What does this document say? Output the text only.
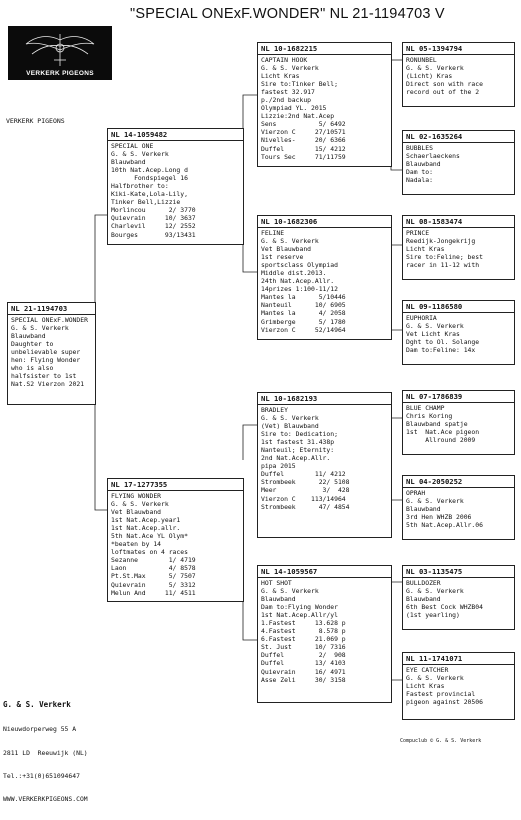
"SPECIAL ONExF.WONDER" NL 21-1194703 V
VERKERK PIGEONS
VERKERK PIGEONS
NL 21-1194703
SPECIAL ONExF.WONDER
G. & S. Verkerk
Blauwband
Daughter to
unbelievable super
hen: Flying Wonder
who is also
halfsister to 1st
Nat.S2 Vierzon 2021
NL 14-1059482
SPECIAL ONE
G. & S. Verkerk
Blauwband
10th Nat.Acep.Long d
Fondspiegel 16
Halfbrother to:
Kiki-Kate,Lola-Lily,
Tinker Bell,Lizzie
Morlincou      2/ 3770
Quievrain     10/ 3637
Charlevil     12/ 2552
Bourges       93/13431
NL 17-1277355
FLYING WONDER
G. & S. Verkerk
Vet Blauwband
1st Nat.Acep.year1
1st Nat.Acep.allr.
5th Nat.Ace YL Olym*
*beaten by 14
loftmates on 4 races
Sezanne        1/ 4719
Laon           4/ 8578
Pt.St.Max      5/ 7507
Quievrain      5/ 3312
Melun And     11/ 4511
NL 10-1682215
CAPTAIN HOOK
G. & S. Verkerk
Licht Kras
Sire to:Tinker Bell;
fastest 32.917
p./2nd backup
Olympiad YL. 2015
Lizzie:2nd Nat.Acep
Sens           5/ 6492
Vierzon C     27/10571
Nivelles-     20/ 6366
Duffel        15/ 4212
Tours Sec     71/11759
NL 10-1682306
FELINE
G. & S. Verkerk
Vet Blauwband
1st reserve
sportsclass Olympiad
Middle dist.2013.
24th Nat.Acep.Allr.
14prizes 1:100-11/12
Mantes la      5/10446
Nanteuil      10/ 6905
Mantes la      4/ 2058
Grimberge      5/ 1780
Vierzon C     52/14964
NL 10-1682193
BRADLEY
G. & S. Verkerk
(Vet) Blauwband
Sire to: Dedication;
1st fastest 31.438p
Nanteuil; Eternity:
2nd Nat.Acep.Allr.
pipa 2015
Duffel        11/ 4212
Strombeek      22/ 5108
Meer            3/  428
Vierzon C    113/14964
Strombeek      47/ 4854
NL 14-1059567
HOT SHOT
G. & S. Verkerk
Blauwband
Dam to:Flying Wonder
1st Nat.Acep.Allr/yl
1.Fastest     13.628 p
4.Fastest      8.578 p
6.Fastest     21.069 p
St. Just      10/ 7316
Duffel         2/  908
Duffel        13/ 4103
Quievrain     16/ 4971
Asse Zeli     30/ 3158
NL 05-1394794
RONUNBEL
G. & S. Verkerk
(Licht) Kras
Direct son with race
record out of the 2
NL 02-1635264
BUBBLES
Schaerlaeckens
Blauwband
Dam to:
Nadala:
NL 08-1583474
PRINCE
Reedijk-Jongekrijg
Licht Kras
Sire to:Feline; best
racer in 11-12 with
NL 09-1186580
EUPHORIA
G. & S. Verkerk
Vet Licht Kras
Dght to Ol. Solange
Dam to:Feline: 14x
NL 07-1786839
BLUE CHAMP
Chris Koring
Blauwband spatje
1st  Nat.Ace pigeon
Allround 2009
NL 04-2050252
OPRAH
G. & S. Verkerk
Blauwband
3rd Hen WHZB 2006
5th Nat.Acep.Allr.06
NL 03-1135475
BULLDOZER
G. & S. Verkerk
Blauwband
6th Best Cock WHZB04
(1st yearling)
NL 11-1741071
EYE CATCHER
G. & S. Verkerk
Licht Kras
Fastest provincial
pigeon against 20506

G. & S. Verkerk

Nieuwdorperweg 55 A

2811 LD  Reeuwijk (NL)

Tel.:+31(0)651094647

WWW.VERKERKPIGEONS.COM

Compuclub © G. & S. Verkerk
